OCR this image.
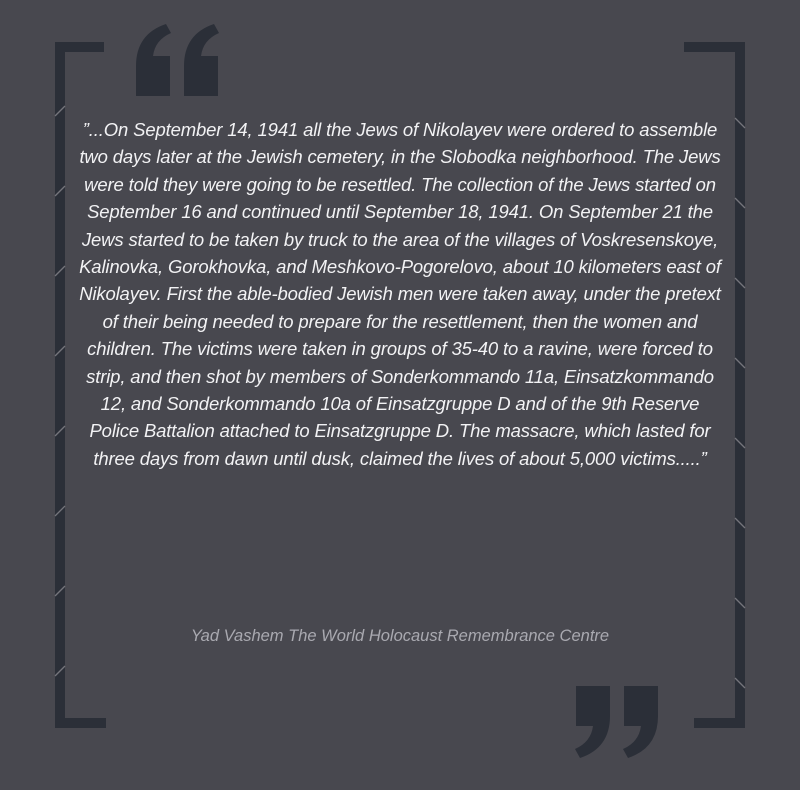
”...On September 14, 1941 all the Jews of Nikolayev were ordered to assemble two days later at the Jewish cemetery, in the Slobodka neighborhood. The Jews were told they were going to be resettled. The collection of the Jews started on September 16 and continued until September 18, 1941. On September 21 the Jews started to be taken by truck to the area of the villages of Voskresenskoye, Kalinovka, Gorokhovka, and Meshkovo-Pogorelovo, about 10 kilometers east of Nikolayev. First the able-bodied Jewish men were taken away, under the pretext of their being needed to prepare for the resettlement, then the women and children. The victims were taken in groups of 35-40 to a ravine, were forced to strip, and then shot by members of Sonderkommando 11a, Einsatzkommando 12, and Sonderkommando 10a of Einsatzgruppe D and of the 9th Reserve Police Battalion attached to Einsatzgruppe D. The massacre, which lasted for three days from dawn until dusk, claimed the lives of about 5,000 victims.....”

Yad Vashem The World Holocaust Remembrance Centre
